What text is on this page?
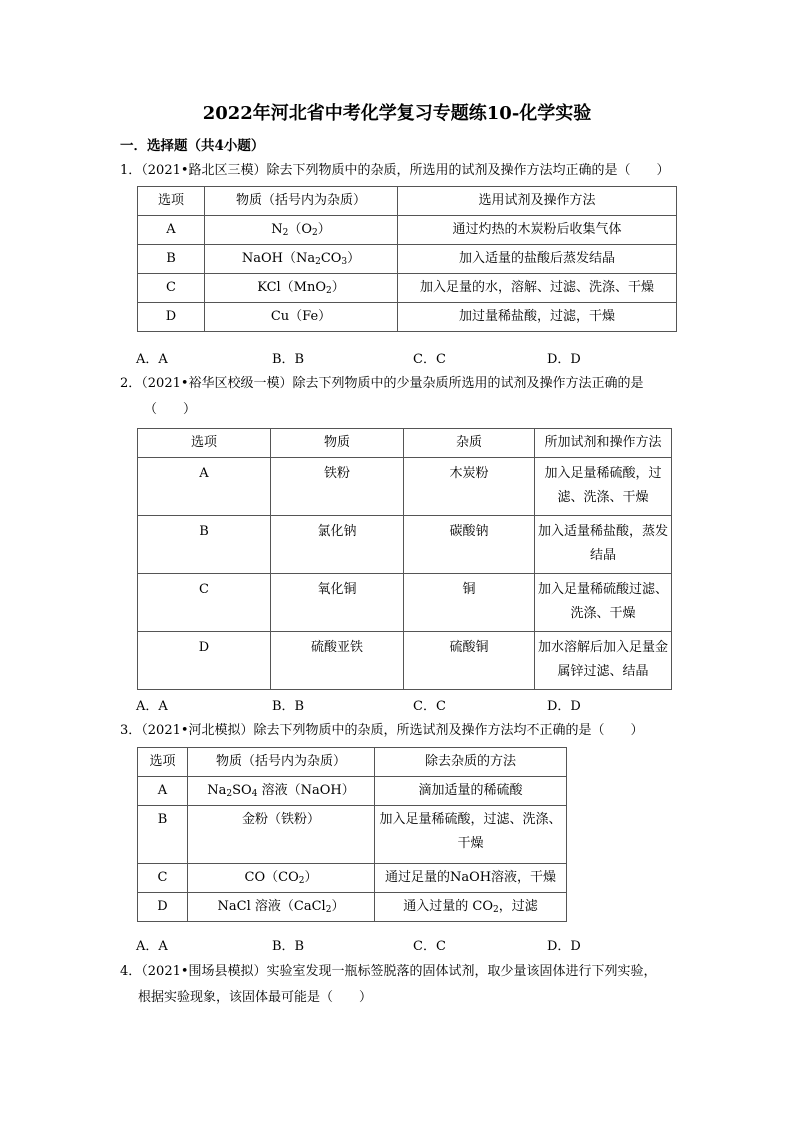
2022年河北省中考化学复习专题练10-化学实验
一．选择题（共4小题）
1．（2021•路北区三模）除去下列物质中的杂质，所选用的试剂及操作方法均正确的是（　　）
选项	物质（括号内为杂质）	选用试剂及操作方法
A	$N_2(O_2)$	通过灼热的木炭粉后收集气体
B	$NaOH(Na_2CO_3)$	加入适量的盐酸后蒸发结晶
C	KCl（MnO$_2$）	加入足量的水，溶解、过滤、洗涤、干燥
D	Cu（Fe）	加过量稀盐酸，过滤，干燥
A．A	B．B	C．C	D．D
2．（2021•裕华区校级一模）除去下列物质中的少量杂质所选用的试剂及操作方法正确的是
（　　）
选项	物质	杂质	所加试剂和操作方法
A	铁粉	木炭粉	加入足量稀硫酸，过滤、洗涤、干燥
B	氯化钠	碳酸钠	加入适量稀盐酸，蒸发结晶
C	氧化铜	铜	加入足量稀硫酸过滤、洗涤、干燥
D	硫酸亚铁	硫酸铜	加水溶解后加入足量金属锌过滤、结晶
A．A	B．B	C．C	D．D
3．（2021•河北模拟）除去下列物质中的杂质，所选试剂及操作方法均不正确的是（　　）
选项	物质（括号内为杂质）	除去杂质的方法
A	$Na_2SO_4$ 溶液（NaOH）	滴加适量的稀硫酸
B	金粉（铁粉）	加入足量稀硫酸，过滤、洗涤、干燥
C	$CO(CO_2)$	通过足量的NaOH溶液，干燥
D	NaCl 溶液（CaCl$_2$）	通入过量的 $CO_2$，过滤
A．A	B．B	C．C	D．D
4．（2021•围场县模拟）实验室发现一瓶标签脱落的固体试剂，取少量该固体进行下列实验，
根据实验现象，该固体最可能是（　　）
